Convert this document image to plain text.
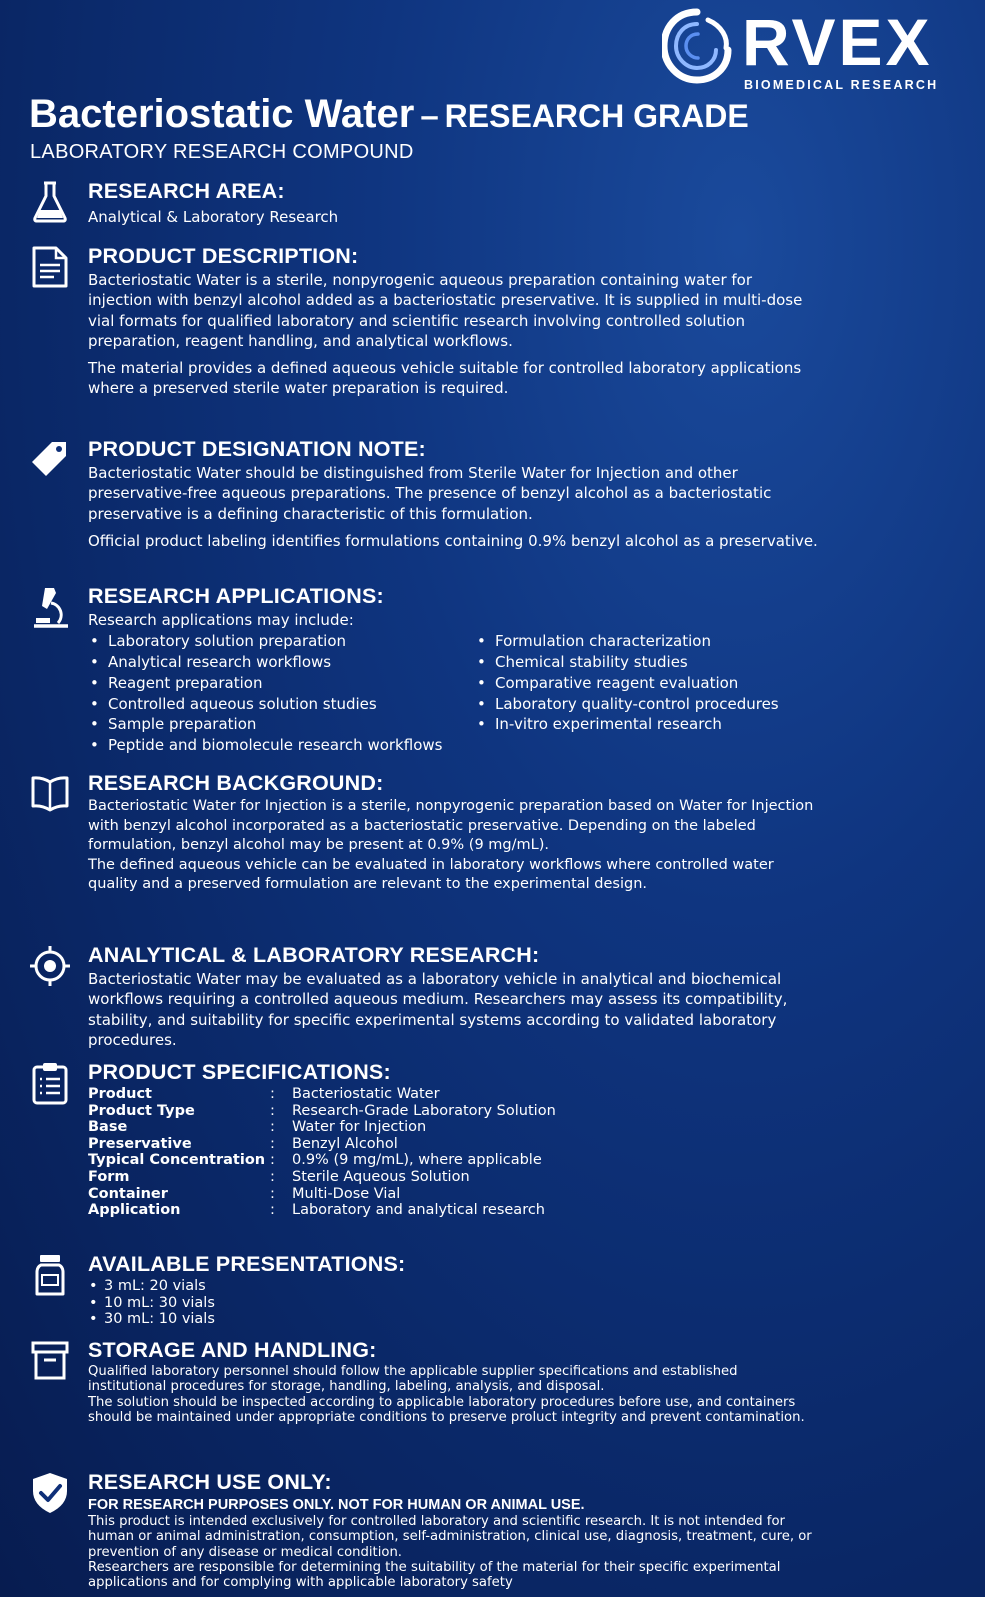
RVEX
BIOMEDICAL RESEARCH
Bacteriostatic Water – RESEARCH GRADE
LABORATORY RESEARCH COMPOUND
RESEARCH AREA:

Analytical & Laboratory Research

PRODUCT DESCRIPTION:

Bacteriostatic Water is a sterile, nonpyrogenic aqueous preparation containing water for injection with benzyl alcohol added as a bacteriostatic preservative. It is supplied in multi-dose vial formats for qualified laboratory and scientific research involving controlled solution preparation, reagent handling, and analytical workflows.

The material provides a defined aqueous vehicle suitable for controlled laboratory applications where a preserved sterile water preparation is required.

PRODUCT DESIGNATION NOTE:

Bacteriostatic Water should be distinguished from Sterile Water for Injection and other preservative-free aqueous preparations. The presence of benzyl alcohol as a bacteriostatic preservative is a defining characteristic of this formulation.

Official product labeling identifies formulations containing 0.9% benzyl alcohol as a preservative.

RESEARCH APPLICATIONS:

Research applications may include:

• Laboratory solution preparation
• Analytical research workflows
• Reagent preparation
• Controlled aqueous solution studies
• Sample preparation
• Peptide and biomolecule research workflows
• Formulation characterization
• Chemical stability studies
• Comparative reagent evaluation
• Laboratory quality-control procedures
• In-vitro experimental research
RESEARCH BACKGROUND:

Bacteriostatic Water for Injection is a sterile, nonpyrogenic preparation based on Water for Injection with benzyl alcohol incorporated as a bacteriostatic preservative. Depending on the labeled formulation, benzyl alcohol may be present at 0.9% (9 mg/mL).

The defined aqueous vehicle can be evaluated in laboratory workflows where controlled water quality and a preserved formulation are relevant to the experimental design.

ANALYTICAL & LABORATORY RESEARCH:

Bacteriostatic Water may be evaluated as a laboratory vehicle in analytical and biochemical workflows requiring a controlled aqueous medium. Researchers may assess its compatibility, stability, and suitability for specific experimental systems according to validated laboratory procedures.

PRODUCT SPECIFICATIONS:
Product	:	Bacteriostatic Water
Product Type	:	Research-Grade Laboratory Solution
Base	:	Water for Injection
Preservative	:	Benzyl Alcohol
Typical Concentration :	0.9% (9 mg/mL), where applicable
Form	:	Sterile Aqueous Solution
Container	:	Multi-Dose Vial
Application	:	Laboratory and analytical research
AVAILABLE PRESENTATIONS:
• 3 mL: 20 vials
• 10 mL: 30 vials
• 30 mL: 10 vials
STORAGE AND HANDLING:

Qualified laboratory personnel should follow the applicable supplier specifications and established institutional procedures for storage, handling, labeling, analysis, and disposal.

The solution should be inspected according to applicable laboratory procedures before use, and containers should be maintained under appropriate conditions to preserve proluct integrity and prevent contamination.

RESEARCH USE ONLY:
FOR RESEARCH PURPOSES ONLY. NOT FOR HUMAN OR ANIMAL USE.

This product is intended exclusively for controlled laboratory and scientific research. It is not intended for human or animal administration, consumption, self-administration, clinical use, diagnosis, treatment, cure, or prevention of any disease or medical condition.

Researchers are responsible for determining the suitability of the material for their specific experimental applications and for complying with applicable laboratory safety
